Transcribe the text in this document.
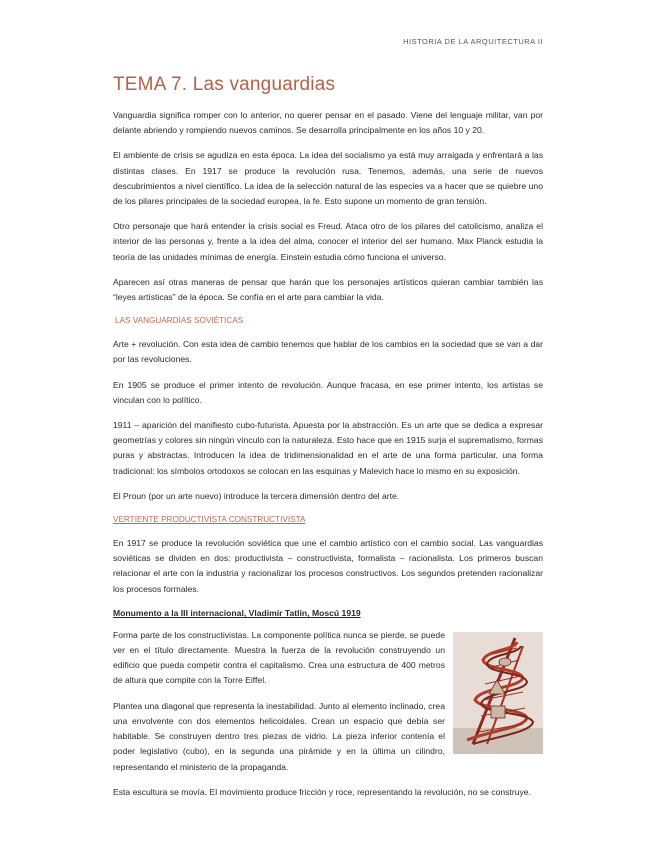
HISTORIA DE LA ARQUITECTURA II
TEMA 7. Las vanguardias

Vanguardia significa romper con lo anterior, no querer pensar en el pasado. Viene del lenguaje militar, van por delante abriendo y rompiendo nuevos caminos. Se desarrolla principalmente en los años 10 y 20.

El ambiente de crisis se agudiza en esta época. La idea del socialismo ya está muy arraigada y enfrentará a las distintas clases. En 1917 se produce la revolución rusa. Tenemos, además, una serie de nuevos descubrimientos a nivel científico. La idea de la selección natural de las especies va a hacer que se quiebre uno de los pilares principales de la sociedad europea, la fe. Esto supone un momento de gran tensión.

Otro personaje que hará entender la crisis social es Freud. Ataca otro de los pilares del catolicismo, analiza el interior de las personas y, frente a la idea del alma, conocer el interior del ser humano. Max Planck estudia la teoría de las unidades mínimas de energía. Einstein estudia cómo funciona el universo.

Aparecen así otras maneras de pensar que harán que los personajes artísticos quieran cambiar también las “leyes artísticas” de la época. Se confía en el arte para cambiar la vida.

LAS VANGUARDIAS SOVIÉTICAS

Arte + revolución. Con esta idea de cambio tenemos que hablar de los cambios en la sociedad que se van a dar por las revoluciones.

En 1905 se produce el primer intento de revolución. Aunque fracasa, en ese primer intento, los artistas se vinculan con lo político.

1911 – aparición del manifiesto cubo-futurista. Apuesta por la abstracción. Es un arte que se dedica a expresar geometrías y colores sin ningún vínculo con la naturaleza. Esto hace que en 1915 surja el suprematismo, formas puras y abstractas. Introducen la idea de tridimensionalidad en el arte de una forma particular, una forma tradicional: los símbolos ortodoxos se colocan en las esquinas y Malevich hace lo mismo en su exposición.

El Proun (por un arte nuevo) introduce la tercera dimensión dentro del arte.

VERTIENTE PRODUCTIVISTA CONSTRUCTIVISTA

En 1917 se produce la revolución soviética que une el cambio artístico con el cambio social. Las vanguardias soviéticas se dividen en dos: productivista – constructivista, formalista – racionalista. Los primeros buscan relacionar el arte con la industria y racionalizar los procesos constructivos. Los segundos pretenden racionalizar los procesos formales.

Monumento a la III internacional, Vladimir Tatlin, Moscú 1919

Forma parte de los constructivistas. La componente política nunca se pierde, se puede ver en el título directamente. Muestra la fuerza de la revolución construyendo un edificio que pueda competir contra el capitalismo. Crea una estructura de 400 metros de altura que compite con la Torre Eiffel.

Plantea una diagonal que representa la inestabilidad. Junto al elemento inclinado, crea una envolvente con dos elementos helicoidales. Crean un espacio que debía ser habitable. Se construyen dentro tres piezas de vidrio. La pieza inferior contenía el poder legislativo (cubo), en la segunda una pirámide y en la última un cilindro, representando el ministerio de la propaganda.

Esta escultura se movía. El movimiento produce fricción y roce, representando la revolución, no se construye.
